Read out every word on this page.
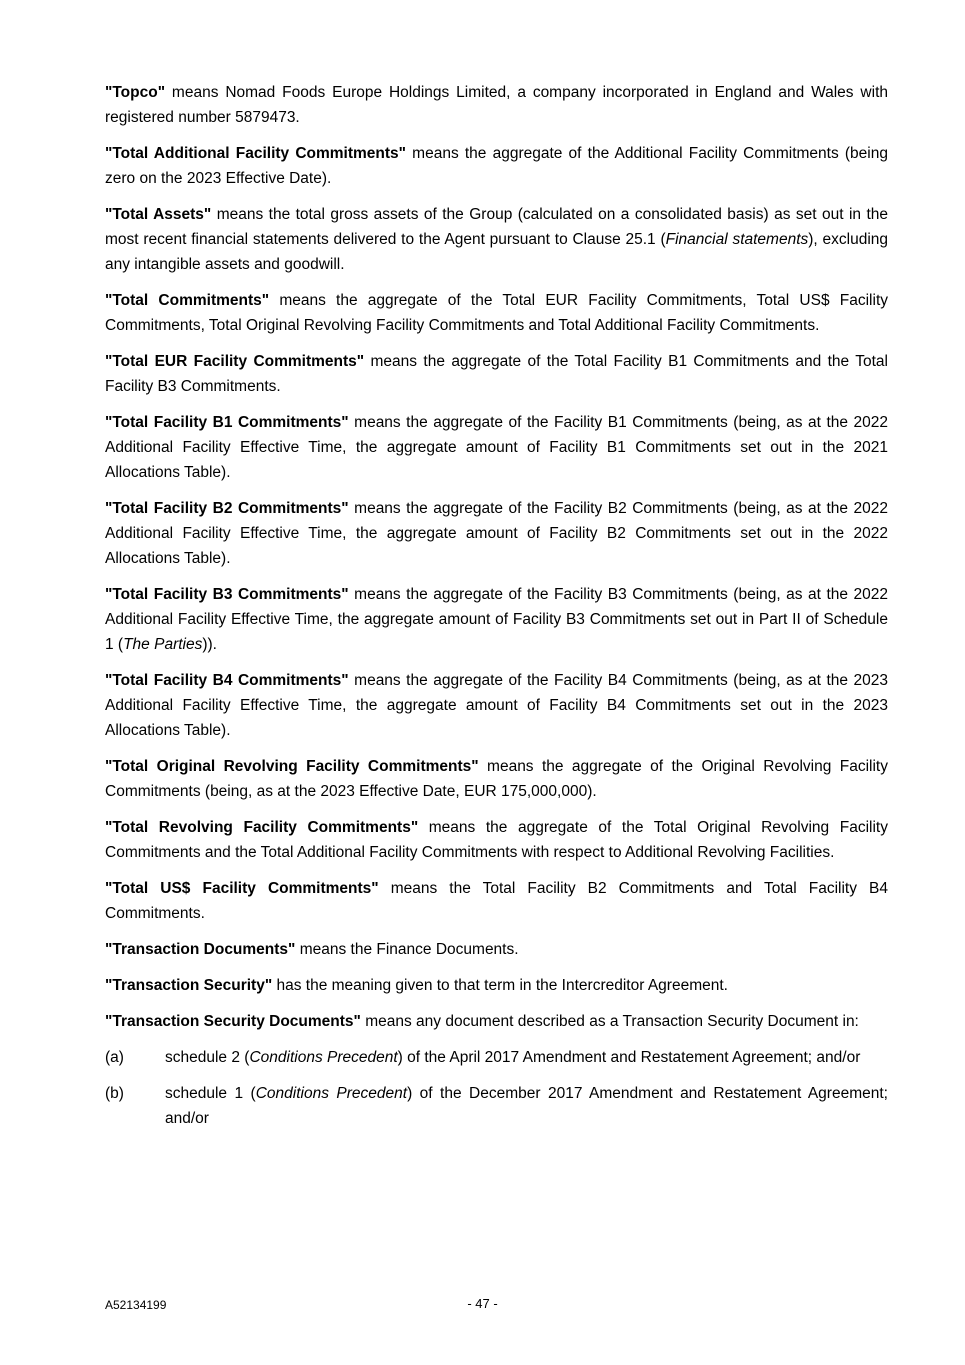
"Topco" means Nomad Foods Europe Holdings Limited, a company incorporated in England and Wales with registered number 5879473.

"Total Additional Facility Commitments" means the aggregate of the Additional Facility Commitments (being zero on the 2023 Effective Date).

"Total Assets" means the total gross assets of the Group (calculated on a consolidated basis) as set out in the most recent financial statements delivered to the Agent pursuant to Clause 25.1 (Financial statements), excluding any intangible assets and goodwill.

"Total Commitments" means the aggregate of the Total EUR Facility Commitments, Total US$ Facility Commitments, Total Original Revolving Facility Commitments and Total Additional Facility Commitments.

"Total EUR Facility Commitments" means the aggregate of the Total Facility B1 Commitments and the Total Facility B3 Commitments.

"Total Facility B1 Commitments" means the aggregate of the Facility B1 Commitments (being, as at the 2022 Additional Facility Effective Time, the aggregate amount of Facility B1 Commitments set out in the 2021 Allocations Table).

"Total Facility B2 Commitments" means the aggregate of the Facility B2 Commitments (being, as at the 2022 Additional Facility Effective Time, the aggregate amount of Facility B2 Commitments set out in the 2022 Allocations Table).

"Total Facility B3 Commitments" means the aggregate of the Facility B3 Commitments (being, as at the 2022 Additional Facility Effective Time, the aggregate amount of Facility B3 Commitments set out in Part II of Schedule 1 (The Parties)).

"Total Facility B4 Commitments" means the aggregate of the Facility B4 Commitments (being, as at the 2023 Additional Facility Effective Time, the aggregate amount of Facility B4 Commitments set out in the 2023 Allocations Table).

"Total Original Revolving Facility Commitments" means the aggregate of the Original Revolving Facility Commitments (being, as at the 2023 Effective Date, EUR 175,000,000).

"Total Revolving Facility Commitments" means the aggregate of the Total Original Revolving Facility Commitments and the Total Additional Facility Commitments with respect to Additional Revolving Facilities.

"Total US$ Facility Commitments" means the Total Facility B2 Commitments and Total Facility B4 Commitments.

"Transaction Documents" means the Finance Documents.

"Transaction Security" has the meaning given to that term in the Intercreditor Agreement.

"Transaction Security Documents" means any document described as a Transaction Security Document in:

(a)	schedule 2 (Conditions Precedent) of the April 2017 Amendment and Restatement Agreement; and/or
(b)	schedule 1 (Conditions Precedent) of the December 2017 Amendment and Restatement Agreement; and/or
A52134199	- 47 -
